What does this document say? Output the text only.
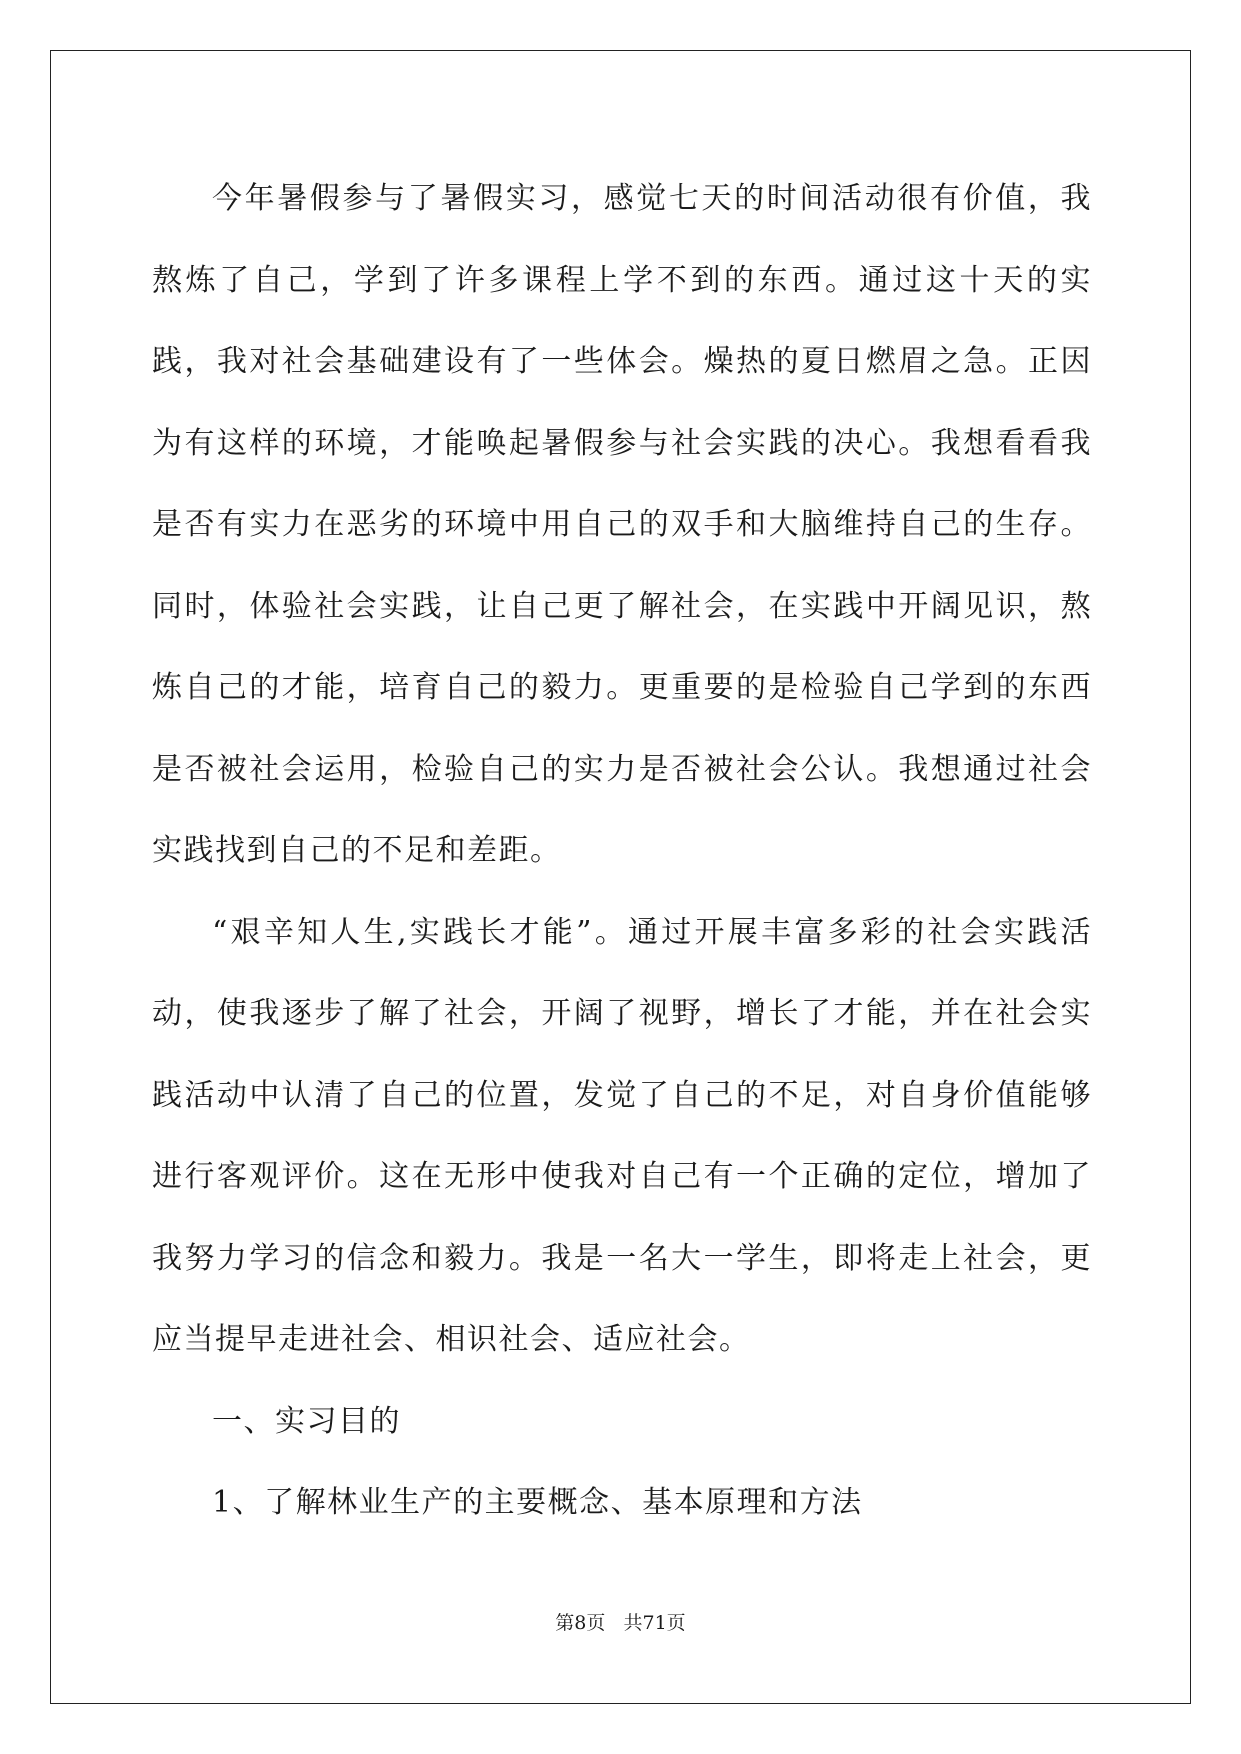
今年暑假参与了暑假实习，感觉七天的时间活动很有价值，我熬炼了自己，学到了许多课程上学不到的东西。通过这十天的实践，我对社会基础建设有了一些体会。燥热的夏日燃眉之急。正因为有这样的环境，才能唤起暑假参与社会实践的决心。我想看看我是否有实力在恶劣的环境中用自己的双手和大脑维持自己的生存。同时，体验社会实践，让自己更了解社会，在实践中开阔见识，熬炼自己的才能，培育自己的毅力。更重要的是检验自己学到的东西是否被社会运用，检验自己的实力是否被社会公认。我想通过社会实践找到自己的不足和差距。

“艰辛知人生,实践长才能”。通过开展丰富多彩的社会实践活动，使我逐步了解了社会，开阔了视野，增长了才能，并在社会实践活动中认清了自己的位置，发觉了自己的不足，对自身价值能够进行客观评价。这在无形中使我对自己有一个正确的定位，增加了我努力学习的信念和毅力。我是一名大一学生，即将走上社会，更应当提早走进社会、相识社会、适应社会。

一、实习目的

1、了解林业生产的主要概念、基本原理和方法

第8页   共71页
